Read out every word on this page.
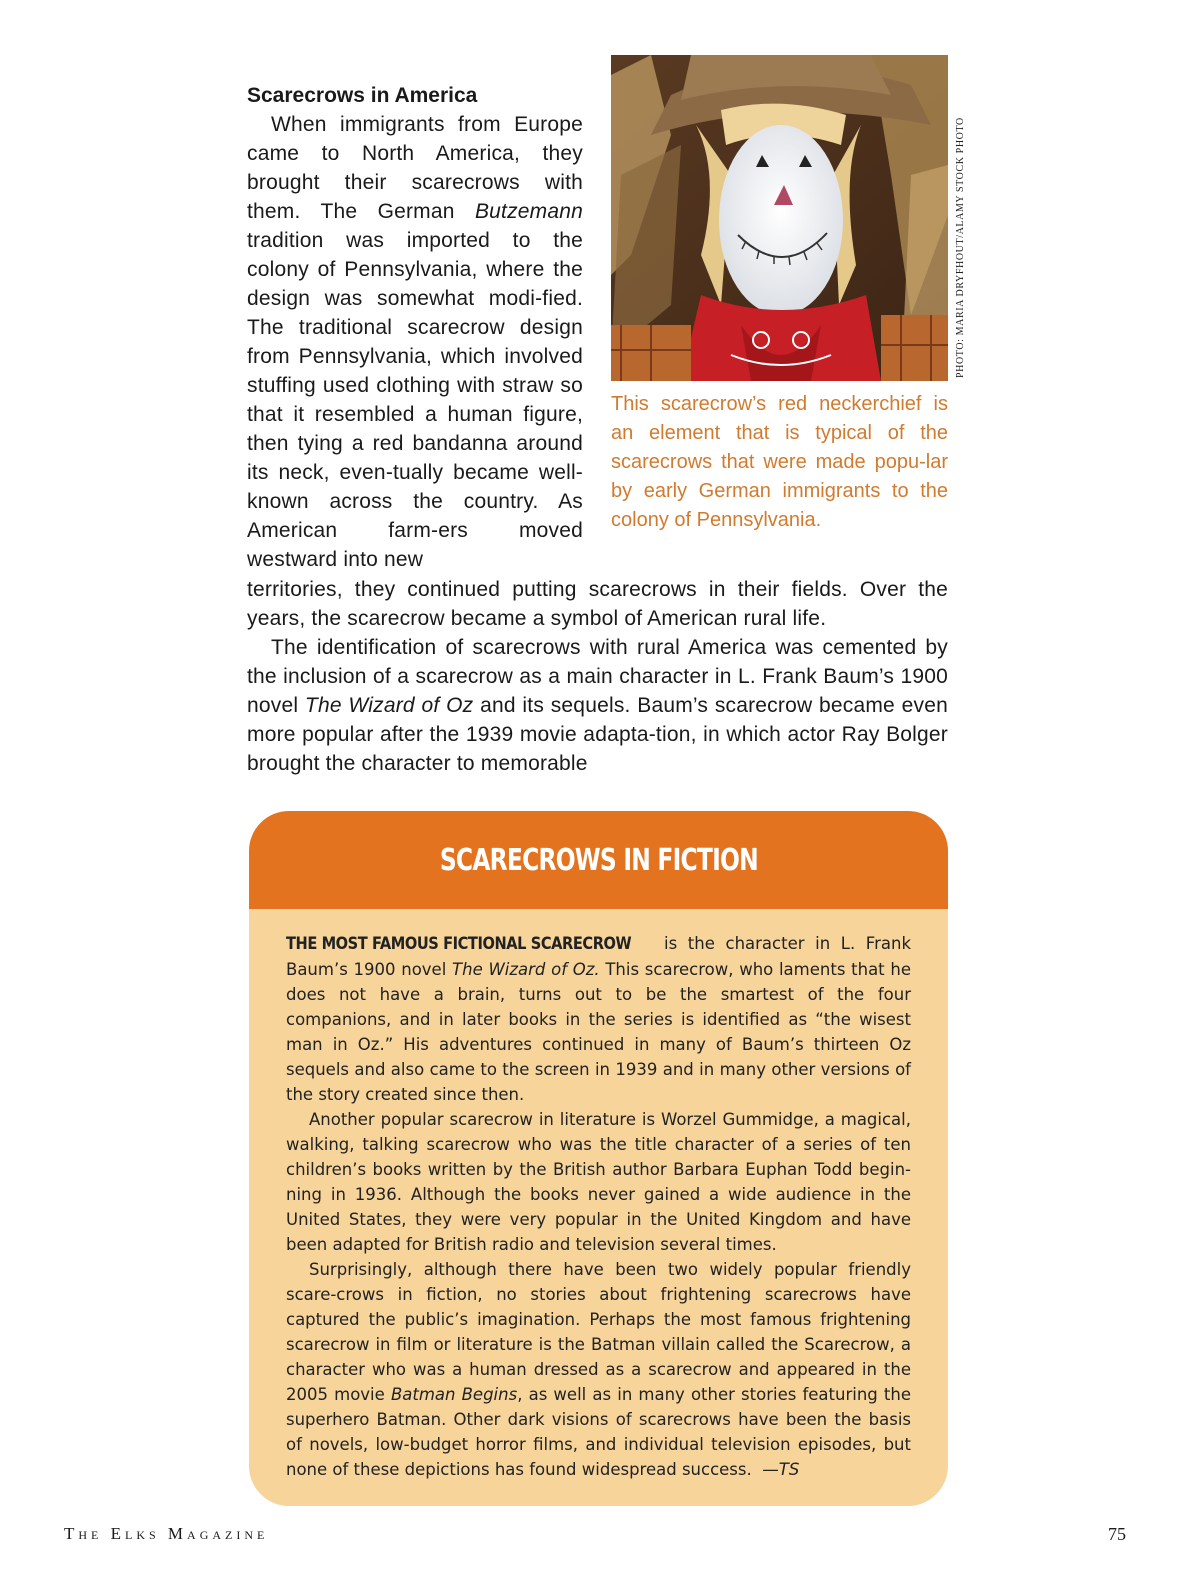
Scarecrows in America

When immigrants from Europe came to North America, they brought their scarecrows with them. The German Butzemann tradition was imported to the colony of Pennsylvania, where the design was somewhat modi-fied. The traditional scarecrow design from Pennsylvania, which involved stuffing used clothing with straw so that it resembled a human figure, then tying a red bandanna around its neck, even-tually became well-known across the country. As American farm-ers moved westward into new

territories, they continued putting scarecrows in their fields. Over the years, the scarecrow became a symbol of American rural life.

The identification of scarecrows with rural America was cemented by the inclusion of a scarecrow as a main character in L. Frank Baum’s 1900 novel The Wizard of Oz and its sequels. Baum’s scarecrow became even more popular after the 1939 movie adapta-tion, in which actor Ray Bolger brought the character to memorable

PHOTO: MARIA DRYFHOUT/ALAMY STOCK PHOTO

This scarecrow’s red neckerchief is an element that is typical of the scarecrows that were made popu-lar by early German immigrants to the colony of Pennsylvania.

SCARECROWS IN FICTION

THE MOST FAMOUS FICTIONAL SCARECROW is the character in L. Frank Baum’s 1900 novel The Wizard of Oz. This scarecrow, who laments that he does not have a brain, turns out to be the smartest of the four companions, and in later books in the series is identified as “the wisest man in Oz.” His adventures continued in many of Baum’s thirteen Oz sequels and also came to the screen in 1939 and in many other versions of the story created since then.

Another popular scarecrow in literature is Worzel Gummidge, a magical, walking, talking scarecrow who was the title character of a series of ten children’s books written by the British author Barbara Euphan Todd begin-ning in 1936. Although the books never gained a wide audience in the United States, they were very popular in the United Kingdom and have been adapted for British radio and television several times.

Surprisingly, although there have been two widely popular friendly scare-crows in fiction, no stories about frightening scarecrows have captured the public’s imagination. Perhaps the most famous frightening scarecrow in film or literature is the Batman villain called the Scarecrow, a character who was a human dressed as a scarecrow and appeared in the 2005 movie Batman Begins, as well as in many other stories featuring the superhero Batman. Other dark visions of scarecrows have been the basis of novels, low-budget horror films, and individual television episodes, but none of these depictions has found widespread success. —TS

The Elks Magazine	75
